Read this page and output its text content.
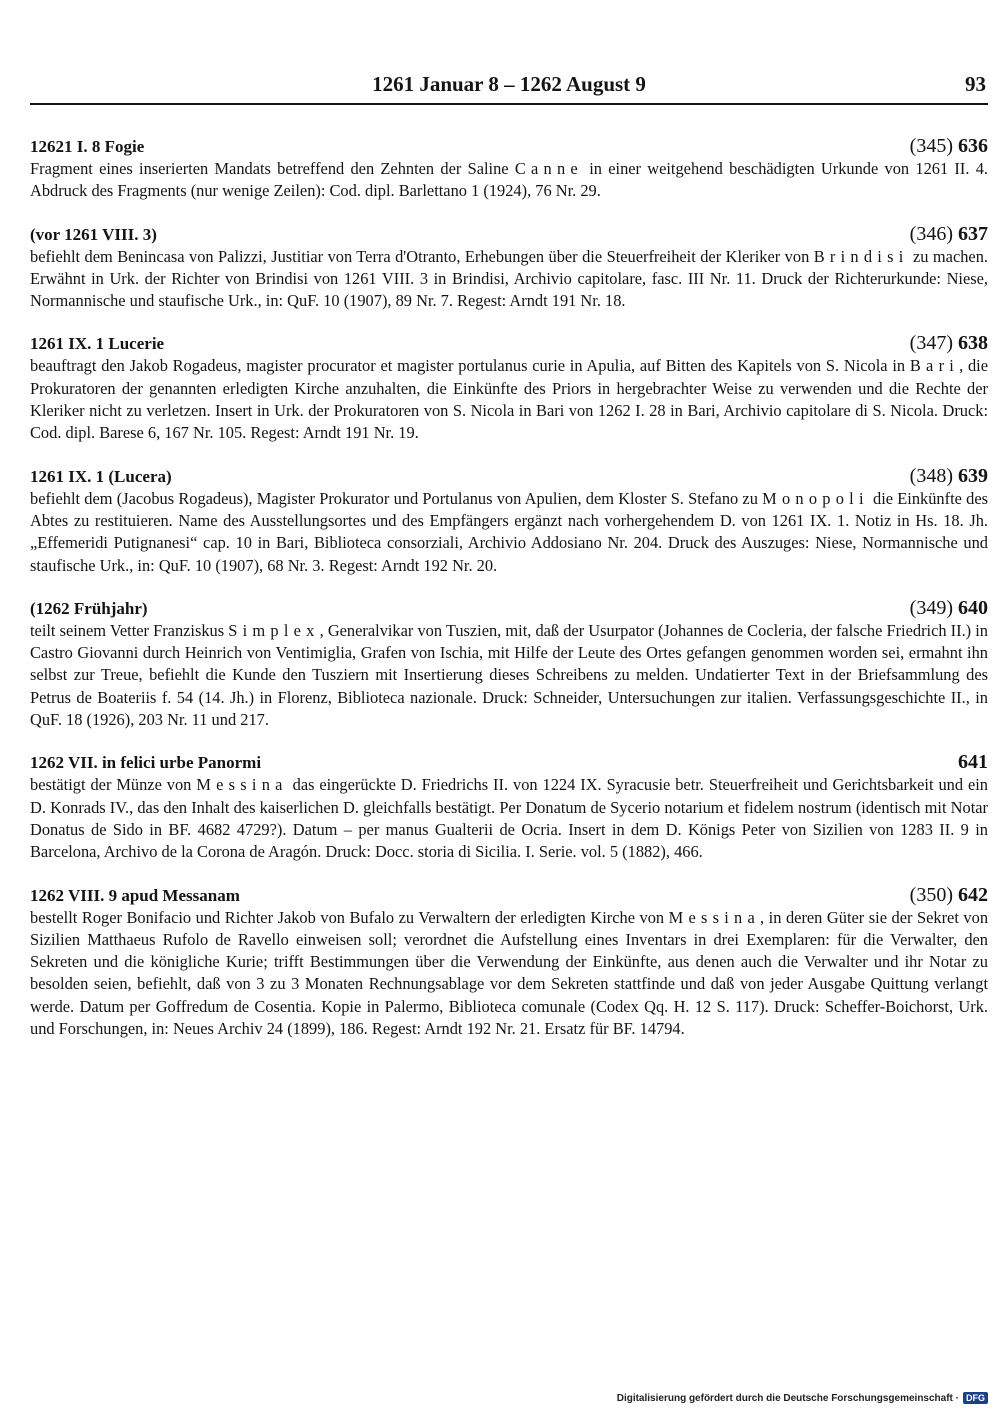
1261 Januar 8 – 1262 August 9	93
12621 I. 8 Fogie	(345) 636
Fragment eines inserierten Mandats betreffend den Zehnten der Saline Canne in einer weitgehend beschädigten Urkunde von 1261 II. 4. Abdruck des Fragments (nur wenige Zeilen): Cod. dipl. Barlettano 1 (1924), 76 Nr. 29.
(vor 1261 VIII. 3)	(346) 637
befiehlt dem Benincasa von Palizzi, Justitiar von Terra d'Otranto, Erhebungen über die Steuerfreiheit der Kleriker von Brindisi zu machen. Erwähnt in Urk. der Richter von Brindisi von 1261 VIII. 3 in Brindisi, Archivio capitolare, fasc. III Nr. 11. Druck der Richterurkunde: Niese, Normannische und staufische Urk., in: QuF. 10 (1907), 89 Nr. 7. Regest: Arndt 191 Nr. 18.
1261 IX. 1 Lucerie	(347) 638
beauftragt den Jakob Rogadeus, magister procurator et magister portulanus curie in Apulia, auf Bitten des Kapitels von S. Nicola in Bari, die Prokuratoren der genannten erledigten Kirche anzuhalten, die Einkünfte des Priors in hergebrachter Weise zu verwenden und die Rechte der Kleriker nicht zu verletzen. Insert in Urk. der Prokuratoren von S. Nicola in Bari von 1262 I. 28 in Bari, Archivio capitolare di S. Nicola. Druck: Cod. dipl. Barese 6, 167 Nr. 105. Regest: Arndt 191 Nr. 19.
1261 IX. 1 (Lucera)	(348) 639
befiehlt dem (Jacobus Rogadeus), Magister Prokurator und Portulanus von Apulien, dem Kloster S. Stefano zu Monopoli die Einkünfte des Abtes zu restituieren. Name des Ausstellungsortes und des Empfängers ergänzt nach vorhergehendem D. von 1261 IX. 1. Notiz in Hs. 18. Jh. „Effemeridi Putignanesi“ cap. 10 in Bari, Biblioteca consorziali, Archivio Addosiano Nr. 204. Druck des Auszuges: Niese, Normannische und staufische Urk., in: QuF. 10 (1907), 68 Nr. 3. Regest: Arndt 192 Nr. 20.
(1262 Frühjahr)	(349) 640
teilt seinem Vetter Franziskus Simplex, Generalvikar von Tuszien, mit, daß der Usurpator (Johannes de Cocleria, der falsche Friedrich II.) in Castro Giovanni durch Heinrich von Ventimiglia, Grafen von Ischia, mit Hilfe der Leute des Ortes gefangen genommen worden sei, ermahnt ihn selbst zur Treue, befiehlt die Kunde den Tusziern mit Insertierung dieses Schreibens zu melden. Undatierter Text in der Briefsammlung des Petrus de Boateriis f. 54 (14. Jh.) in Florenz, Biblioteca nazionale. Druck: Schneider, Untersuchungen zur italien. Verfassungsgeschichte II., in QuF. 18 (1926), 203 Nr. 11 und 217.
1262 VII. in felici urbe Panormi	641
bestätigt der Münze von Messina das eingerückte D. Friedrichs II. von 1224 IX. Syracusie betr. Steuerfreiheit und Gerichtsbarkeit und ein D. Konrads IV., das den Inhalt des kaiserlichen D. gleichfalls bestätigt. Per Donatum de Sycerio notarium et fidelem nostrum (identisch mit Notar Donatus de Sido in BF. 4682 4729?). Datum – per manus Gualterii de Ocria. Insert in dem D. Königs Peter von Sizilien von 1283 II. 9 in Barcelona, Archivo de la Corona de Aragón. Druck: Docc. storia di Sicilia. I. Serie. vol. 5 (1882), 466.
1262 VIII. 9 apud Messanam	(350) 642
bestellt Roger Bonifacio und Richter Jakob von Bufalo zu Verwaltern der erledigten Kirche von Messina, in deren Güter sie der Sekret von Sizilien Matthaeus Rufolo de Ravello einweisen soll; verordnet die Aufstellung eines Inventars in drei Exemplaren: für die Verwalter, den Sekreten und die königliche Kurie; trifft Bestimmungen über die Verwendung der Einkünfte, aus denen auch die Verwalter und ihr Notar zu besolden seien, befiehlt, daß von 3 zu 3 Monaten Rechnungsablage vor dem Sekreten stattfinde und daß von jeder Ausgabe Quittung verlangt werde. Datum per Goffredum de Cosentia. Kopie in Palermo, Biblioteca comunale (Codex Qq. H. 12 S. 117). Druck: Scheffer-Boichorst, Urk. und Forschungen, in: Neues Archiv 24 (1899), 186. Regest: Arndt 192 Nr. 21. Ersatz für BF. 14794.
Digitalisierung gefördert durch die Deutsche Forschungsgemeinschaft · DFG
